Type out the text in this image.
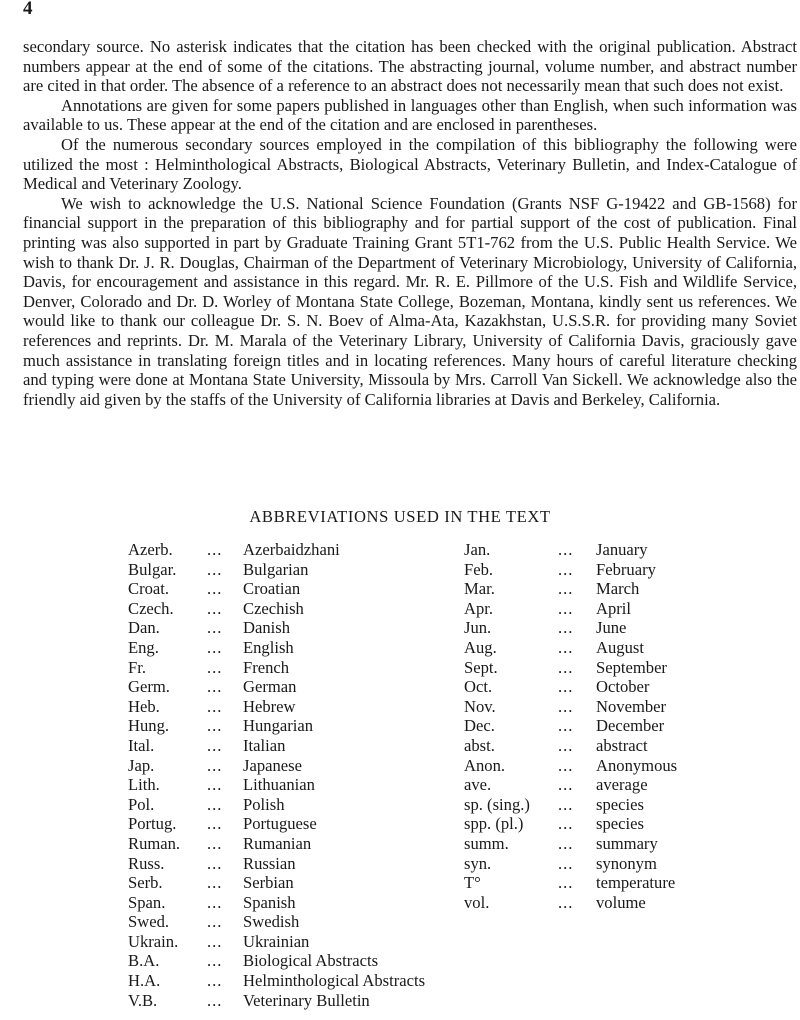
4

secondary source. No asterisk indicates that the citation has been checked with the original publication. Abstract numbers appear at the end of some of the citations. The abstracting journal, volume number, and abstract number are cited in that order. The absence of a reference to an abstract does not necessarily mean that such does not exist.

Annotations are given for some papers published in languages other than English, when such information was available to us. These appear at the end of the citation and are enclosed in parentheses.

Of the numerous secondary sources employed in the compilation of this bibliography the following were utilized the most : Helminthological Abstracts, Biological Abstracts, Veterinary Bulletin, and Index-Catalogue of Medical and Veterinary Zoology.

We wish to acknowledge the U.S. National Science Foundation (Grants NSF G-19422 and GB-1568) for financial support in the preparation of this bibliography and for partial support of the cost of publication. Final printing was also supported in part by Graduate Training Grant 5T1-762 from the U.S. Public Health Service. We wish to thank Dr. J. R. Douglas, Chairman of the Department of Veterinary Microbiology, University of California, Davis, for encouragement and assistance in this regard. Mr. R. E. Pillmore of the U.S. Fish and Wildlife Service, Denver, Colorado and Dr. D. Worley of Montana State College, Bozeman, Montana, kindly sent us references. We would like to thank our colleague Dr. S. N. Boev of Alma-Ata, Kazakhstan, U.S.S.R. for providing many Soviet references and reprints. Dr. M. Marala of the Veterinary Library, University of California Davis, graciously gave much assistance in translating foreign titles and in locating references. Many hours of careful literature checking and typing were done at Montana State University, Missoula by Mrs. Carroll Van Sickell. We acknowledge also the friendly aid given by the staffs of the University of California libraries at Davis and Berkeley, California.

ABBREVIATIONS USED IN THE TEXT
Azerb.	...	Azerbaidzhani
Bulgar.	...	Bulgarian
Croat.	...	Croatian
Czech.	...	Czechish
Dan.	...	Danish
Eng.	...	English
Fr.	...	French
Germ.	...	German
Heb.	...	Hebrew
Hung.	...	Hungarian
Ital.	...	Italian
Jap.	...	Japanese
Lith.	...	Lithuanian
Pol.	...	Polish
Portug.	...	Portuguese
Ruman.	...	Rumanian
Russ.	...	Russian
Serb.	...	Serbian
Span.	...	Spanish
Swed.	...	Swedish
Ukrain.	...	Ukrainian
B.A.	...	Biological Abstracts
H.A.	...	Helminthological Abstracts
V.B.	...	Veterinary Bulletin
Jan.	...	January
Feb.	...	February
Mar.	...	March
Apr.	...	April
Jun.	...	June
Aug.	...	August
Sept.	...	September
Oct.	...	October
Nov.	...	November
Dec.	...	December
abst.	...	abstract
Anon.	...	Anonymous
ave.	...	average
sp. (sing.)	...	species
spp. (pl.)	...	species
summ.	...	summary
syn.	...	synonym
T°	...	temperature
vol.	...	volume
